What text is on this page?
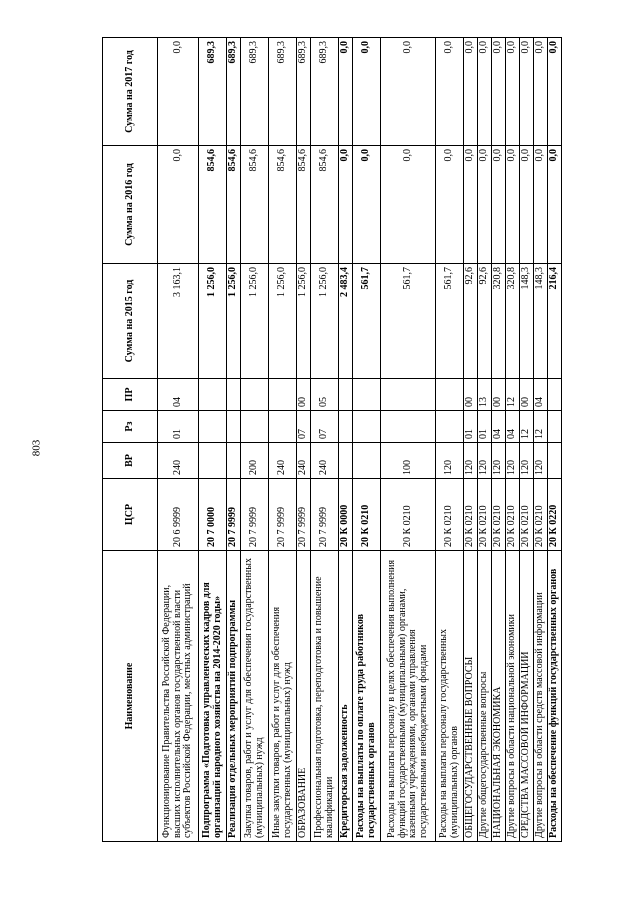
803
Наименование	ЦСР	ВР	Рз	ПР	Сумма на 2015 год	Сумма на 2016 год	Сумма на 2017 год
Функционирование Правительства Российской Федерации, высших исполнительных органов государственной власти субъектов Российской Федерации, местных администраций	20 6 9999	240	01	04	3 163,1	0,0	0,0
Подпрограмма «Подготовка управленческих кадров для организаций народного хозяйства на 2014-2020 годы»	20 7 0000				1 256,0	854,6	689,3
Реализация отдельных мероприятий подпрограммы	20 7 9999				1 256,0	854,6	689,3
Закупка товаров, работ и услуг для обеспечения государственных (муниципальных) нужд	20 7 9999	200			1 256,0	854,6	689,3
Иные закупки товаров, работ и услуг для обеспечения государственных (муниципальных) нужд	20 7 9999	240			1 256,0	854,6	689,3
ОБРАЗОВАНИЕ	20 7 9999	240	07	00	1 256,0	854,6	689,3
Профессиональная подготовка, переподготовка и повышение квалификации	20 7 9999	240	07	05	1 256,0	854,6	689,3
Кредиторская задолженность	20 К 0000				2 483,4	0,0	0,0
Расходы на выплаты по оплате труда работников государственных органов	20 К 0210				561,7	0,0	0,0
Расходы на выплаты персоналу в целях обеспечения выполнения функций государственными (муниципальными) органами, казенными учреждениями, органами управления государственными внебюджетными фондами	20 К 0210	100			561,7	0,0	0,0
Расходы на выплаты персоналу государственных (муниципальных) органов	20 К 0210	120			561,7	0,0	0,0
ОБЩЕГОСУДАРСТВЕННЫЕ ВОПРОСЫ	20 К 0210	120	01	00	92,6	0,0	0,0
Другие общегосударственные вопросы	20 К 0210	120	01	13	92,6	0,0	0,0
НАЦИОНАЛЬНАЯ ЭКОНОМИКА	20 К 0210	120	04	00	320,8	0,0	0,0
Другие вопросы в области национальной экономики	20 К 0210	120	04	12	320,8	0,0	0,0
СРЕДСТВА МАССОВОЙ ИНФОРМАЦИИ	20 К 0210	120	12	00	148,3	0,0	0,0
Другие вопросы в области средств массовой информации	20 К 0210	120	12	04	148,3	0,0	0,0
Расходы на обеспечение функций государственных органов	20 К 0220				216,4	0,0	0,0
